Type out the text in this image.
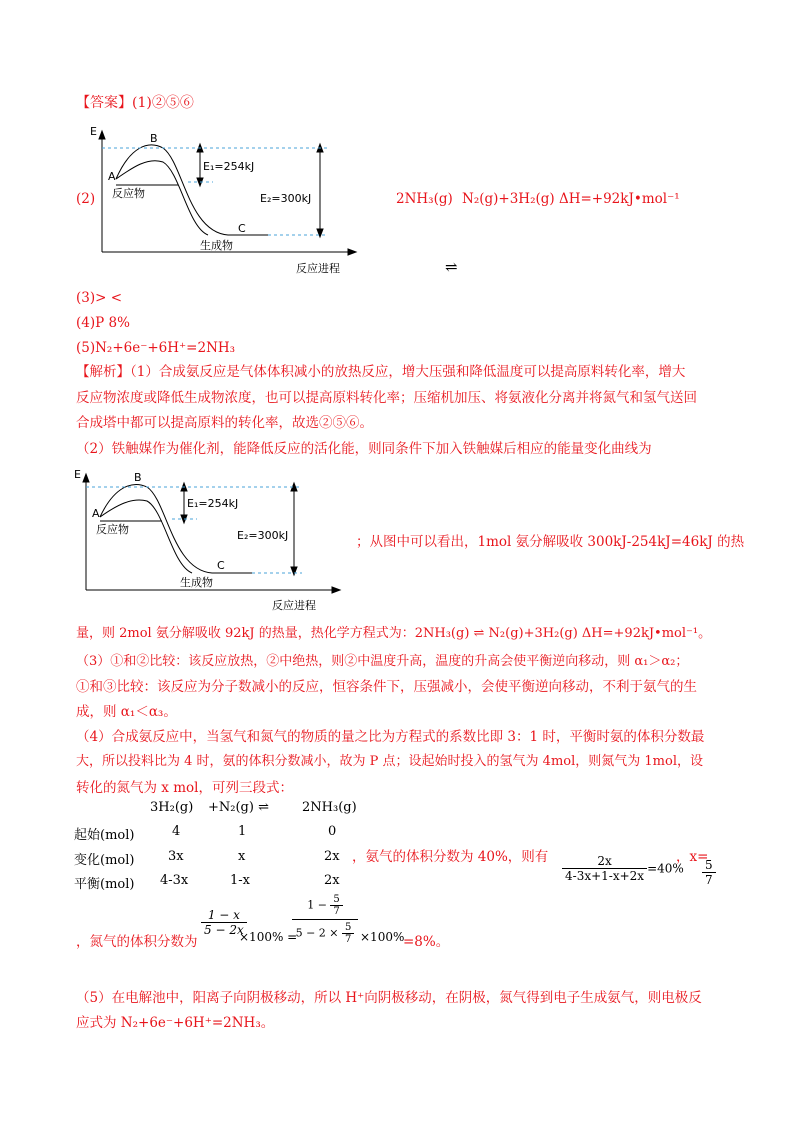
【答案】(1)②⑤⑥
E
A
B
C
反应物
生成物
E₁=254kJ
E₂=300kJ
反应进程
(2)	2NH₃(g) N₂(g)+3H₂(g) ΔH=+92kJ•mol⁻¹
⇌
(3)> <
(4)P 8%
(5)N₂+6e⁻+6H⁺=2NH₃
【解析】（1）合成氨反应是气体体积减小的放热反应，增大压强和降低温度可以提高原料转化率，增大
反应物浓度或降低生成物浓度，也可以提高原料转化率；压缩机加压、将氨液化分离并将氮气和氢气送回
合成塔中都可以提高原料的转化率，故选②⑤⑥。
（2）铁触媒作为催化剂，能降低反应的活化能，则同条件下加入铁触媒后相应的能量变化曲线为
E
A
B
C
反应物
生成物
E₁=254kJ
E₂=300kJ
反应进程
；从图中可以看出，1mol 氨分解吸收 300kJ-254kJ=46kJ 的热
量，则 2mol 氨分解吸收 92kJ 的热量，热化学方程式为：2NH₃(g) ⇌ N₂(g)+3H₂(g) ΔH=+92kJ•mol⁻¹。
（3）①和②比较：该反应放热，②中绝热，则②中温度升高，温度的升高会使平衡逆向移动，则 α₁＞α₂；
①和③比较：该反应为分子数减小的反应，恒容条件下，压强减小，会使平衡逆向移动，不利于氨气的生
成，则 α₁＜α₃。
（4）合成氨反应中，当氢气和氮气的物质的量之比为方程式的系数比即 3：1 时，平衡时氨的体积分数最
大，所以投料比为 4 时，氨的体积分数减小，故为 P 点；设起始时投入的氢气为 4mol，则氮气为 1mol，设
转化的氮气为 x mol，可列三段式：
3H₂(g) +N₂(g) ⇌	2NH₃(g)
起始(mol)	4	1	0
变化(mol)	3x	x	2x
平衡(mol) 4-3x	1-x	2x
，氨气的体积分数为 40%，则有 $\frac{2x}{4-3x+1-x+2x} =40\%$
，x=
$\frac{5}{7}$
，氮气的体积分数为
$\frac{1 - x}{5 - 2x}$
×100% =
$1 - \frac{5}{7}$
$5 - 2 \times \frac{5}{7} \times 100\%$
=8%。
（5）在电解池中，阳离子向阴极移动，所以 H⁺向阴极移动，在阴极，氮气得到电子生成氨气，则电极反
应式为 N₂+6e⁻+6H⁺=2NH₃。
